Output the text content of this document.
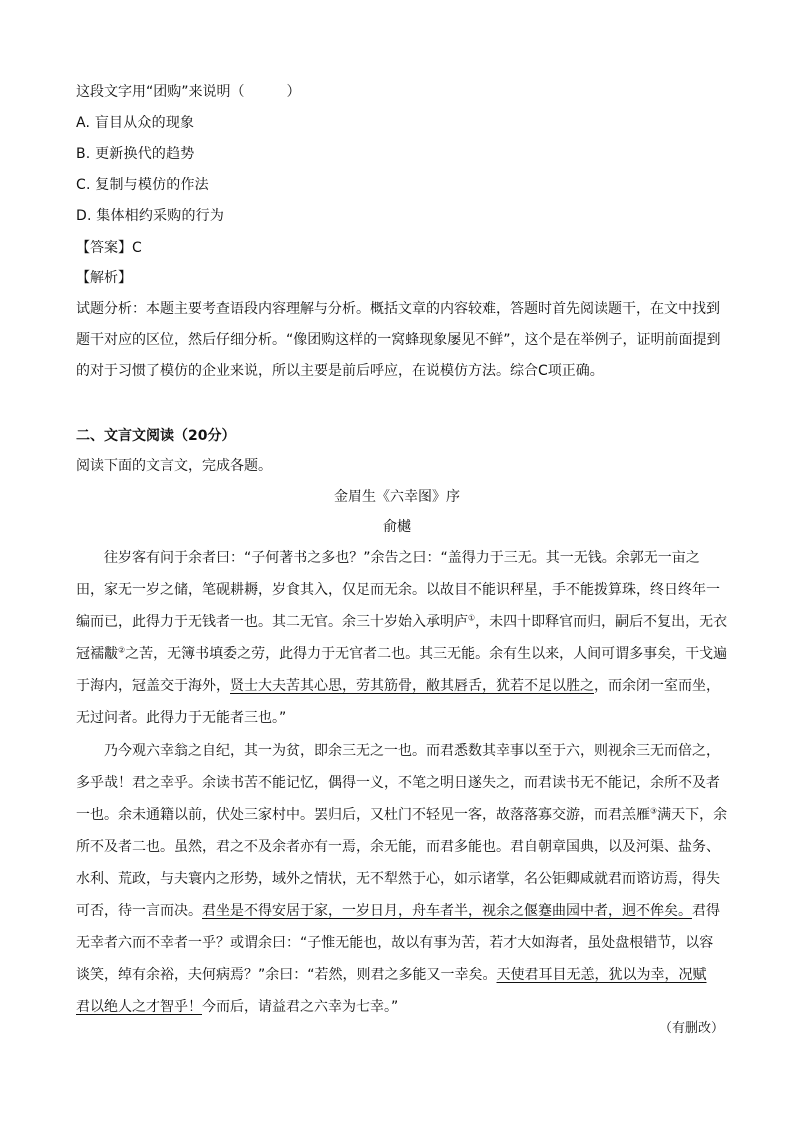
这段文字用“团购”来说明（　　　）
A. 盲目从众的现象
B. 更新换代的趋势
C. 复制与模仿的作法
D. 集体相约采购的行为
【答案】C
【解析】
试题分析：本题主要考查语段内容理解与分析。概括文章的内容较难，答题时首先阅读题干，在文中找到
题干对应的区位，然后仔细分析。“像团购这样的一窝蜂现象屡见不鲜”，这个是在举例子，证明前面提到
的对于习惯了模仿的企业来说，所以主要是前后呼应，在说模仿方法。综合C项正确。
二、文言文阅读（20分）
阅读下面的文言文，完成各题。
金眉生《六幸图》序
俞樾
往岁客有问于余者曰：“子何著书之多也？”余告之曰：“盖得力于三无。其一无钱。余郭无一亩之
田，家无一岁之储，笔砚耕耨，岁食其入，仅足而无余。以故目不能识秤星，手不能拨算珠，终日终年一
编而已，此得力于无钱者一也。其二无官。余三十岁始入承明庐①，未四十即释官而归，嗣后不复出，无衣
冠襦黻②之苦，无簿书填委之劳，此得力于无官者二也。其三无能。余有生以来，人间可谓多事矣，干戈遍
于海内，冠盖交于海外，贤士大夫苦其心思，劳其筋骨，敝其唇舌，犹若不足以胜之，而余闭一室而坐，
无过问者。此得力于无能者三也。”
乃今观六幸翁之自纪，其一为贫，即余三无之一也。而君悉数其幸事以至于六，则视余三无而倍之，
多乎哉！君之幸乎。余读书苦不能记忆，偶得一义，不笔之明日遂失之，而君读书无不能记，余所不及者
一也。余未通籍以前，伏处三家村中。罢归后，又杜门不轻见一客，故落落寡交游，而君羔雁③满天下，余
所不及者二也。虽然，君之不及余者亦有一焉，余无能，而君多能也。君自朝章国典，以及河渠、盐务、
水利、荒政，与夫寰内之形势，域外之情状，无不犁然于心，如示诸掌，名公钜卿咸就君而谘访焉，得失
可否，待一言而决。君坐是不得安居于家，一岁日月，舟车者半，视余之偃蹇曲园中者，迥不侔矣。君得
无幸者六而不幸者一乎？或谓余曰：“子惟无能也，故以有事为苦，若才大如海者，虽处盘根错节，以容
谈笑，绰有余裕，夫何病焉？”余曰：“若然，则君之多能又一幸矣。天使君耳目无恙，犹以为幸，况赋
君以绝人之才智乎！今而后，请益君之六幸为七幸。”
（有删改）
